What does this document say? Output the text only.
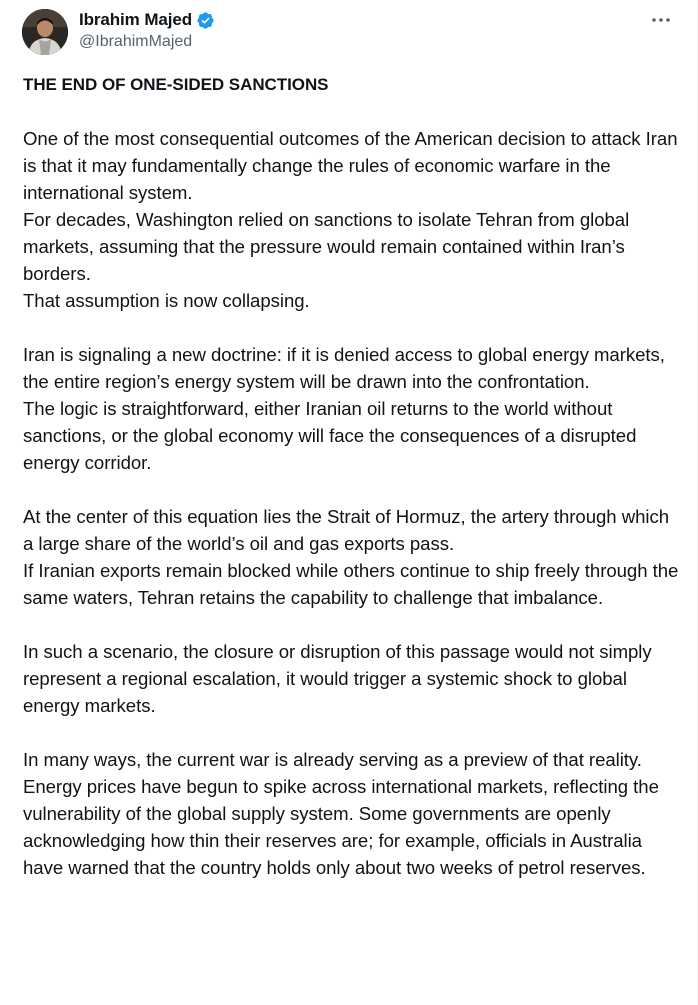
Ibrahim Majed
@IbrahimMajed

THE END OF ONE-SIDED SANCTIONS

One of the most consequential outcomes of the American decision to attack Iran is that it may fundamentally change the rules of economic warfare in the international system.

For decades, Washington relied on sanctions to isolate Tehran from global markets, assuming that the pressure would remain contained within Iran’s borders.

That assumption is now collapsing.

Iran is signaling a new doctrine: if it is denied access to global energy markets, the entire region’s energy system will be drawn into the confrontation.

The logic is straightforward, either Iranian oil returns to the world without sanctions, or the global economy will face the consequences of a disrupted energy corridor.

At the center of this equation lies the Strait of Hormuz, the artery through which a large share of the world’s oil and gas exports pass.

If Iranian exports remain blocked while others continue to ship freely through the same waters, Tehran retains the capability to challenge that imbalance.

In such a scenario, the closure or disruption of this passage would not simply represent a regional escalation, it would trigger a systemic shock to global energy markets.

In many ways, the current war is already serving as a preview of that reality.

Energy prices have begun to spike across international markets, reflecting the vulnerability of the global supply system. Some governments are openly acknowledging how thin their reserves are; for example, officials in Australia have warned that the country holds only about two weeks of petrol reserves.
